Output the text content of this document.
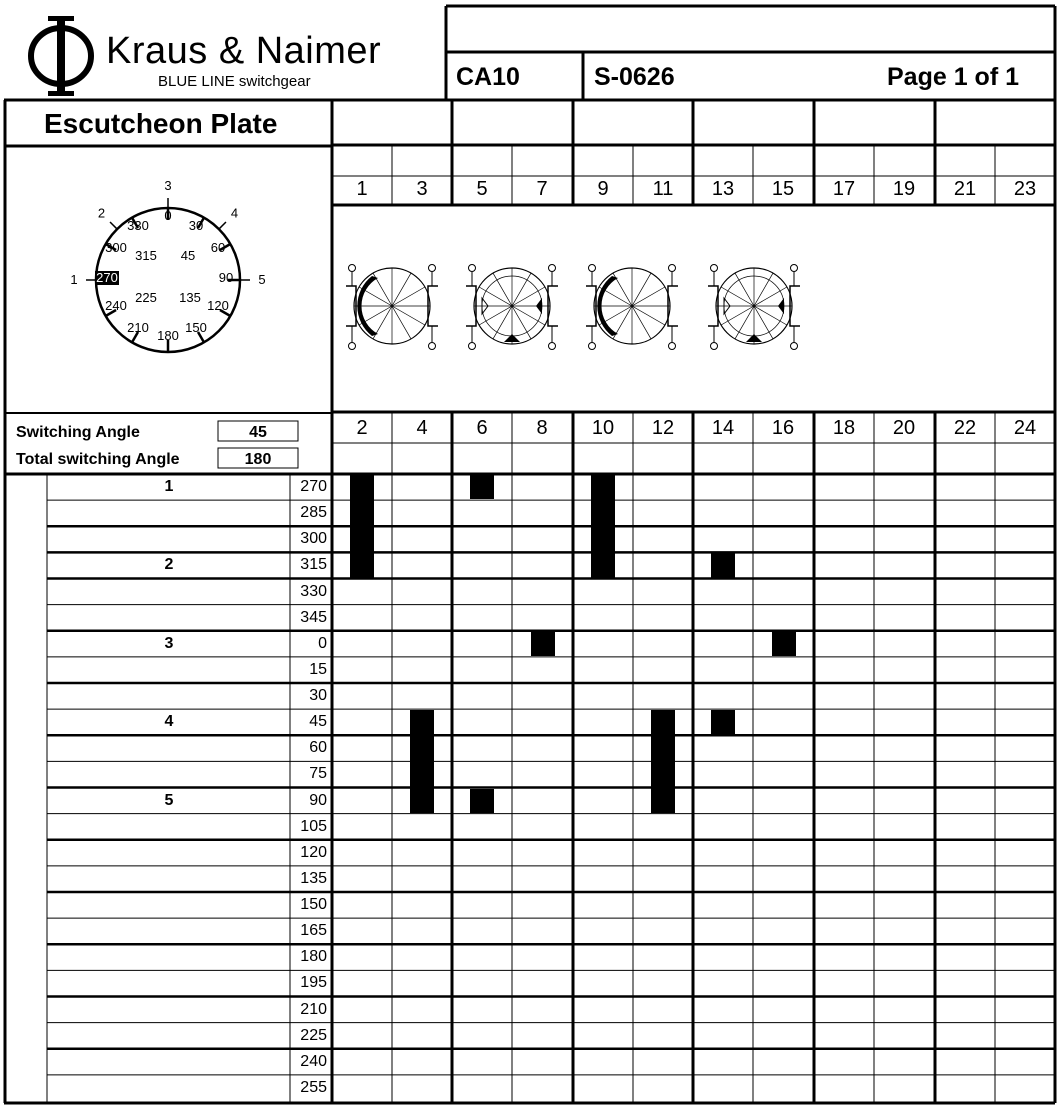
Kraus & Naimer
BLUE LINE switchgear	CA10	S-0626	Page 1 of 1
Escutcheon Plate
1
2
3
4
5
0
30
60
90
120
150
180
210
225
240
270
300
315
330
45
135
Switching Angle	45
Total switching Angle	180
1	3	5	7	9	11	13	15	17	19	21	23
2	4	6	8	10	12	14	16	18	20	22	24
1	270
285
300
2	315
330
345
3	0
15
30
4	45
60
75
5	90
105
120
135
150
165
180
195
210
225
240
255
